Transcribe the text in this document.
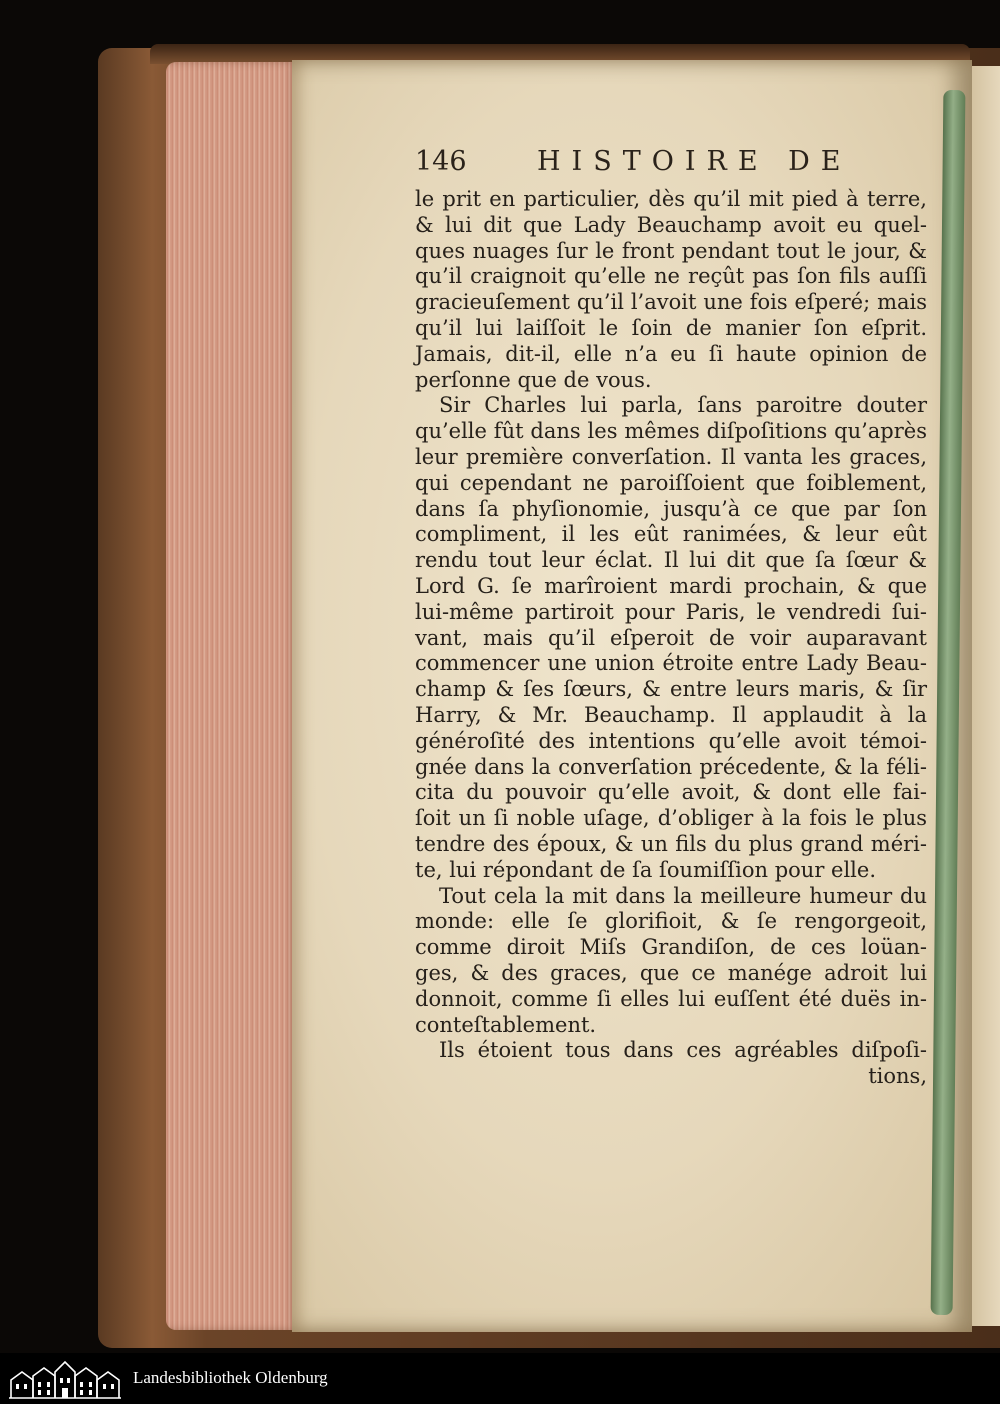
146	HISTOIRE DE
le prit en particulier, dès qu’il mit pied à terre,
& lui dit que Lady Beauchamp avoit eu quel-
ques nuages ſur le front pendant tout le jour, &
qu’il craignoit qu’elle ne reçût pas ſon fils auſſi
gracieuſement qu’il l’avoit une fois eſperé; mais
qu’il lui laiſſoit le ſoin de manier ſon eſprit.
Jamais, dit-il, elle n’a eu ſi haute opinion de
perſonne que de vous.
Sir Charles lui parla, ſans paroitre douter
qu’elle fût dans les mêmes diſpoſitions qu’après
leur première converſation. Il vanta les graces,
qui cependant ne paroiſſoient que foiblement,
dans ſa phyſionomie, jusqu’à ce que par ſon
compliment, il les eût ranimées, & leur eût
rendu tout leur éclat. Il lui dit que ſa ſœur &
Lord G. ſe marîroient mardi prochain, & que
lui-même partiroit pour Paris, le vendredi ſui-
vant, mais qu’il eſperoit de voir auparavant
commencer une union étroite entre Lady Beau-
champ & ſes ſœurs, & entre leurs maris, & ſir
Harry, & Mr. Beauchamp. Il applaudit à la
généroſité des intentions qu’elle avoit témoi-
gnée dans la converſation précedente, & la féli-
cita du pouvoir qu’elle avoit, & dont elle fai-
ſoit un ſi noble uſage, d’obliger à la fois le plus
tendre des époux, & un fils du plus grand méri-
te, lui répondant de ſa ſoumiſſion pour elle.
Tout cela la mit dans la meilleure humeur du
monde: elle ſe glorifioit, & ſe rengorgeoit,
comme diroit Miſs Grandiſon, de ces loüan-
ges, & des graces, que ce manége adroit lui
donnoit, comme ſi elles lui euſſent été duës in-
conteſtablement.
Ils étoient tous dans ces agréables diſpoſi-
tions,
Landesbibliothek Oldenburg
